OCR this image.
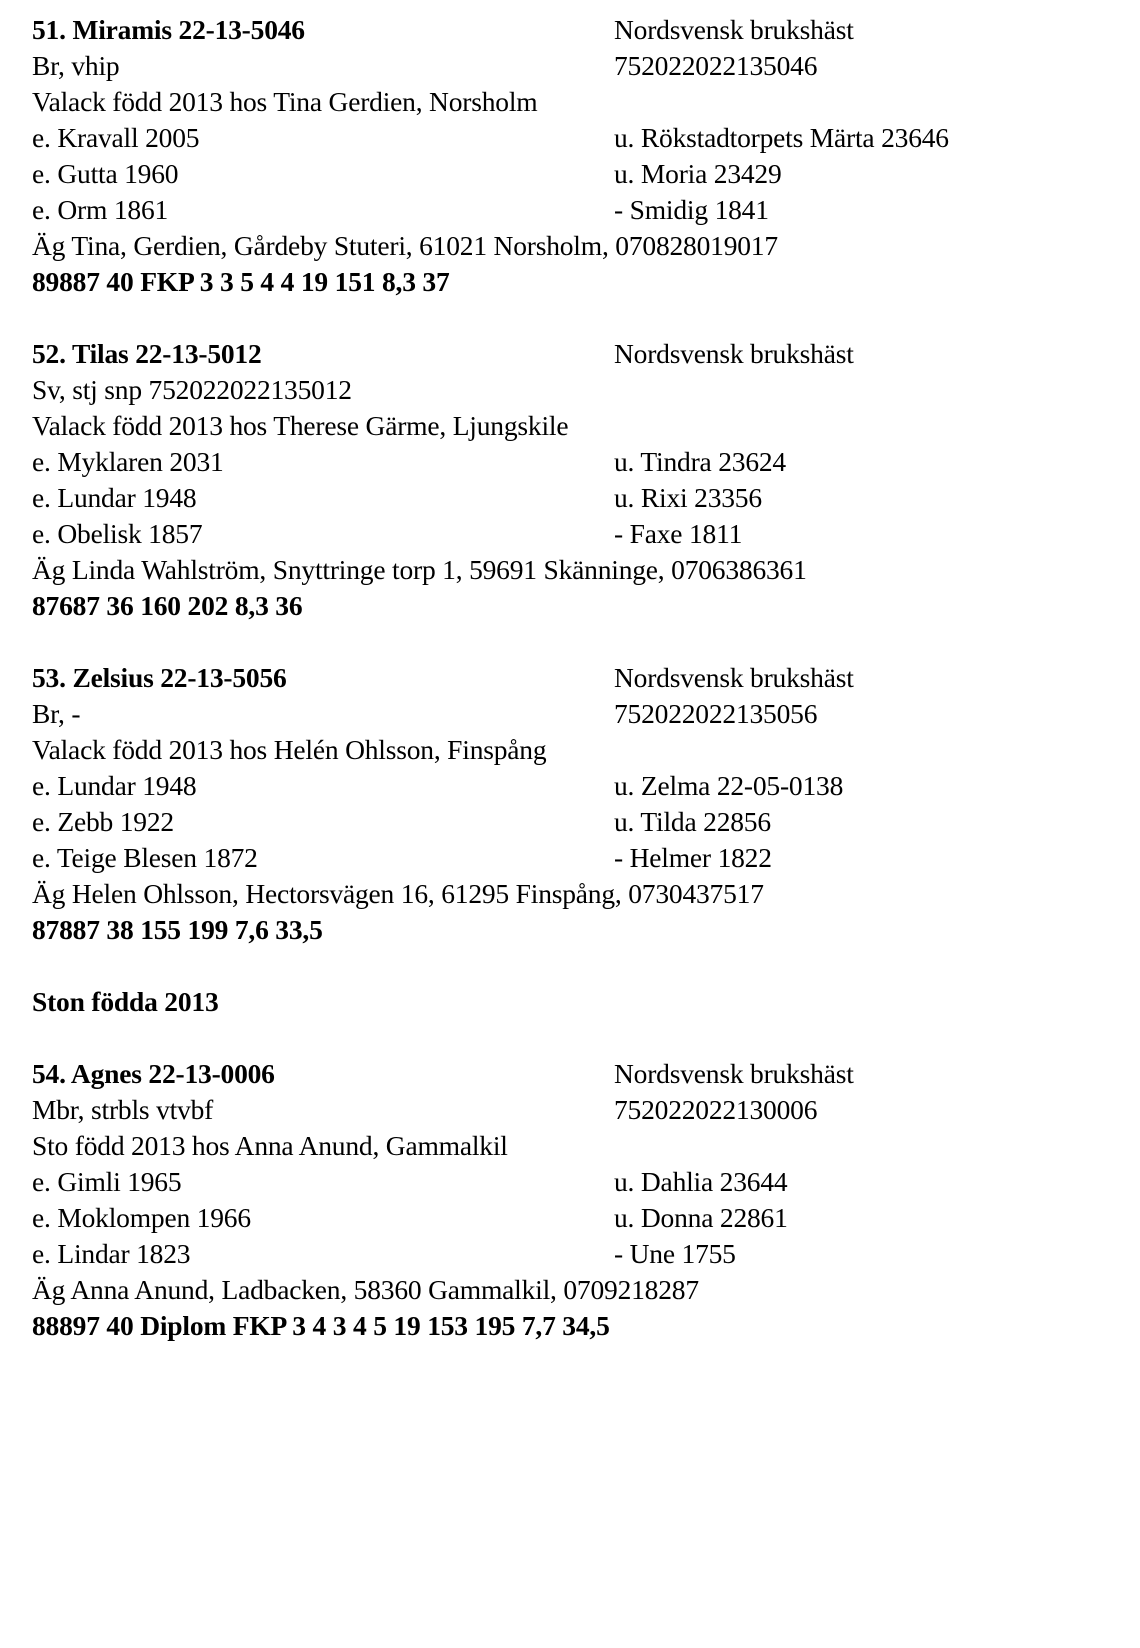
51. Miramis 22-13-5046	Nordsvensk brukshäst
Br, vhip	752022022135046
Valack född 2013 hos Tina Gerdien, Norsholm
e. Kravall 2005	u. Rökstadtorpets Märta 23646
e. Gutta 1960	u. Moria 23429
e. Orm 1861	- Smidig 1841
Äg Tina, Gerdien, Gårdeby Stuteri, 61021 Norsholm, 070828019017
89887 40 FKP 3 3 5 4 4 19 151 8,3 37
52. Tilas 22-13-5012	Nordsvensk brukshäst
Sv, stj snp 752022022135012
Valack född 2013 hos Therese Gärme, Ljungskile
e. Myklaren 2031	u. Tindra 23624
e. Lundar 1948	u. Rixi 23356
e. Obelisk 1857	- Faxe 1811
Äg Linda Wahlström, Snyttringe torp 1, 59691 Skänninge, 0706386361
87687 36 160 202 8,3 36
53. Zelsius 22-13-5056	Nordsvensk brukshäst
Br, -	752022022135056
Valack född 2013 hos Helén Ohlsson, Finspång
e. Lundar 1948	u. Zelma 22-05-0138
e. Zebb 1922	u. Tilda 22856
e. Teige Blesen 1872	- Helmer 1822
Äg Helen Ohlsson, Hectorsvägen 16, 61295 Finspång, 0730437517
87887 38 155 199 7,6 33,5
Ston födda 2013
54. Agnes 22-13-0006	Nordsvensk brukshäst
Mbr, strbls vtvbf	752022022130006
Sto född 2013 hos Anna Anund, Gammalkil
e. Gimli 1965	u. Dahlia 23644
e. Moklompen 1966	u. Donna 22861
e. Lindar 1823	- Une 1755
Äg Anna Anund, Ladbacken, 58360 Gammalkil, 0709218287
88897 40 Diplom FKP 3 4 3 4 5 19 153 195 7,7 34,5
